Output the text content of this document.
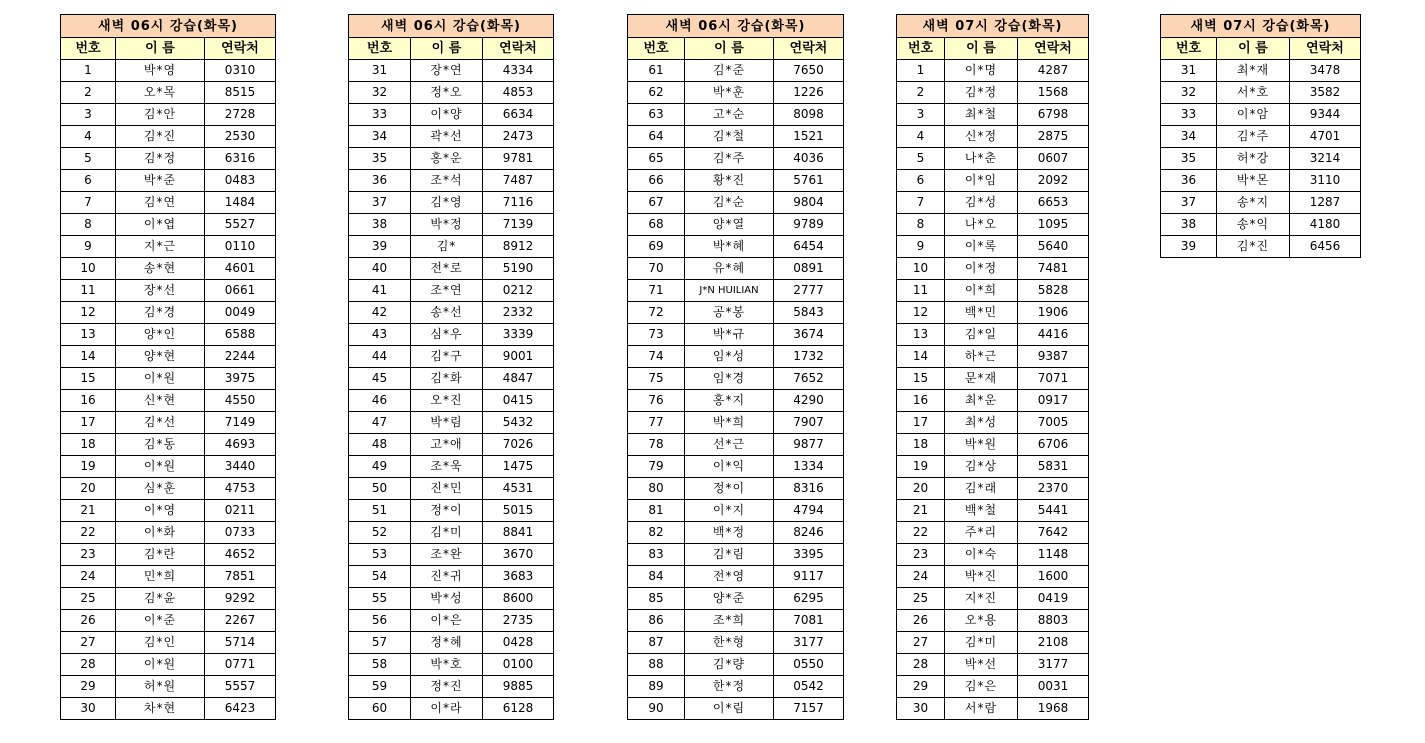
새벽 06시 강습(화목)		
번호	이 름	연락처
1	박*영	0310
2	오*목	8515
3	김*안	2728
4	김*진	2530
5	김*정	6316
6	박*준	0483
7	김*연	1484
8	이*엽	5527
9	지*근	0110
10	송*현	4601
11	장*선	0661
12	김*경	0049
13	양*인	6588
14	양*현	2244
15	이*원	3975
16	신*현	4550
17	김*선	7149
18	김*동	4693
19	이*원	3440
20	심*훈	4753
21	이*영	0211
22	이*화	0733
23	김*란	4652
24	민*희	7851
25	김*윤	9292
26	이*준	2267
27	김*인	5714
28	이*원	0771
29	허*원	5557
30	차*현	6423
새벽 06시 강습(화목)		
번호	이 름	연락처
31	장*연	4334
32	정*오	4853
33	이*양	6634
34	곽*선	2473
35	홍*운	9781
36	조*석	7487
37	김*영	7116
38	박*정	7139
39	김*	8912
40	전*로	5190
41	조*연	0212
42	송*선	2332
43	심*우	3339
44	김*구	9001
45	김*화	4847
46	오*진	0415
47	박*림	5432
48	고*애	7026
49	조*욱	1475
50	진*민	4531
51	정*이	5015
52	김*미	8841
53	조*완	3670
54	진*귀	3683
55	박*성	8600
56	이*은	2735
57	정*혜	0428
58	박*호	0100
59	정*진	9885
60	이*라	6128
새벽 06시 강습(화목)		
번호	이 름	연락처
61	김*준	7650
62	박*훈	1226
63	고*순	8098
64	김*철	1521
65	김*주	4036
66	황*진	5761
67	김*순	9804
68	양*열	9789
69	박*혜	6454
70	유*혜	0891
71	J*N HUILIAN	2777
72	공*봉	5843
73	박*규	3674
74	임*성	1732
75	임*경	7652
76	홍*지	4290
77	박*희	7907
78	선*근	9877
79	이*익	1334
80	정*이	8316
81	이*지	4794
82	백*정	8246
83	김*림	3395
84	전*영	9117
85	양*준	6295
86	조*희	7081
87	한*형	3177
88	김*량	0550
89	한*정	0542
90	이*림	7157
새벽 07시 강습(화목)		
번호	이 름	연락처
1	이*명	4287
2	김*정	1568
3	최*철	6798
4	신*정	2875
5	나*춘	0607
6	이*임	2092
7	김*성	6653
8	나*오	1095
9	이*록	5640
10	이*정	7481
11	이*희	5828
12	백*민	1906
13	김*일	4416
14	하*근	9387
15	문*재	7071
16	최*운	0917
17	최*성	7005
18	박*원	6706
19	김*상	5831
20	김*래	2370
21	백*철	5441
22	주*리	7642
23	이*숙	1148
24	박*진	1600
25	지*진	0419
26	오*용	8803
27	김*미	2108
28	박*선	3177
29	김*은	0031
30	서*람	1968
새벽 07시 강습(화목)		
번호	이 름	연락처
31	최*재	3478
32	서*호	3582
33	이*암	9344
34	김*주	4701
35	허*강	3214
36	박*몬	3110
37	송*지	1287
38	송*익	4180
39	김*진	6456
